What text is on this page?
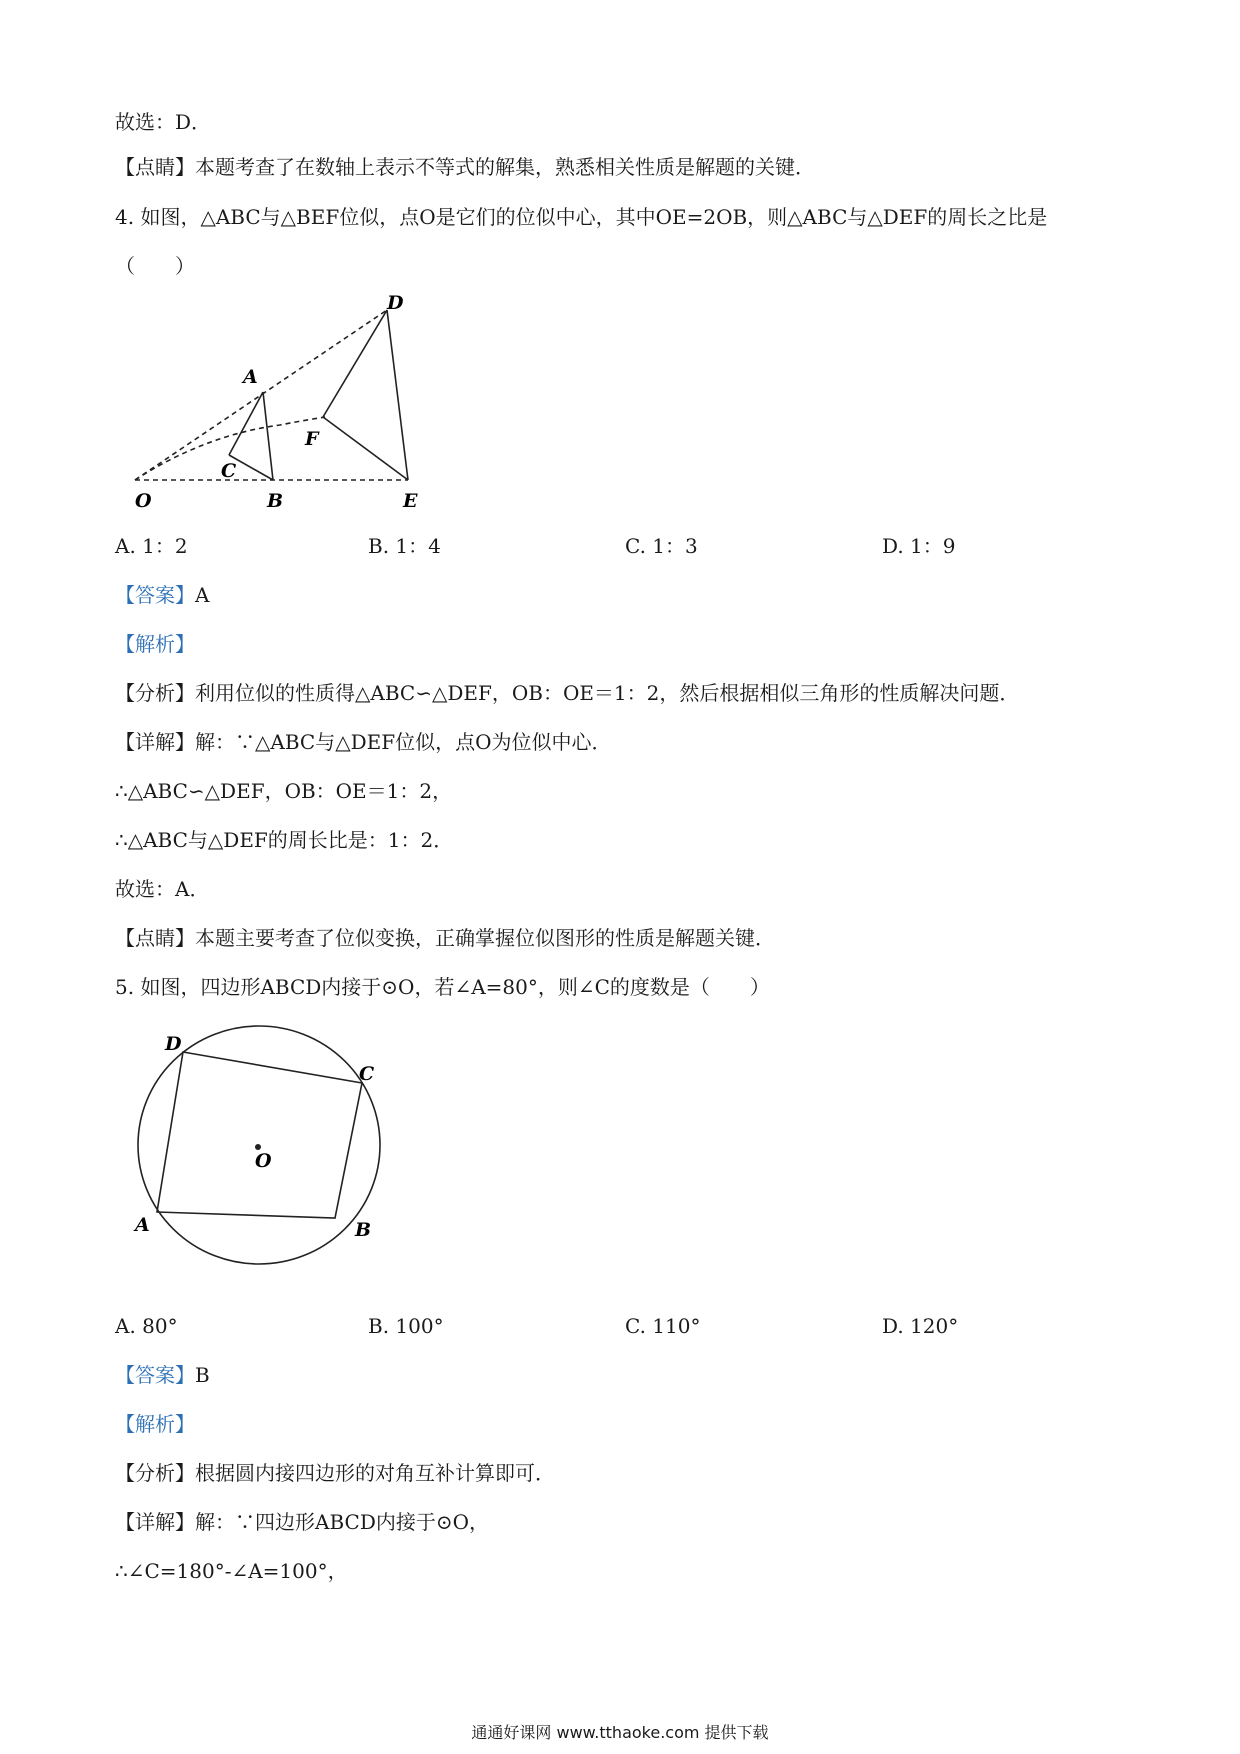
故选：D．
【点睛】本题考查了在数轴上表示不等式的解集，熟悉相关性质是解题的关键．
4. 如图，△ABC与△BEF位似，点O是它们的位似中心，其中OE=2OB，则△ABC与△DEF的周长之比是
（　　）
O
A
C
B
F
D
E
A. 1：2	B. 1：4	C. 1：3	D. 1：9
【答案】A
【解析】
【分析】利用位似的性质得△ABC∽△DEF，OB：OE＝1：2，然后根据相似三角形的性质解决问题．
【详解】解：∵△ABC与△DEF位似，点O为位似中心．
∴△ABC∽△DEF，OB：OE＝1：2，
∴△ABC与△DEF的周长比是：1：2．
故选：A．
【点睛】本题主要考查了位似变换，正确掌握位似图形的性质是解题关键．
5. 如图，四边形ABCD内接于⊙O，若∠A=80°，则∠C的度数是（　　）
D
C
O
A	B
A. 80°	B. 100°	C. 110°	D. 120°
【答案】B
【解析】
【分析】根据圆内接四边形的对角互补计算即可．
【详解】解：∵四边形ABCD内接于⊙O，
∴∠C=180°-∠A=100°，
通通好课网 www.tthaoke.com 提供下载
